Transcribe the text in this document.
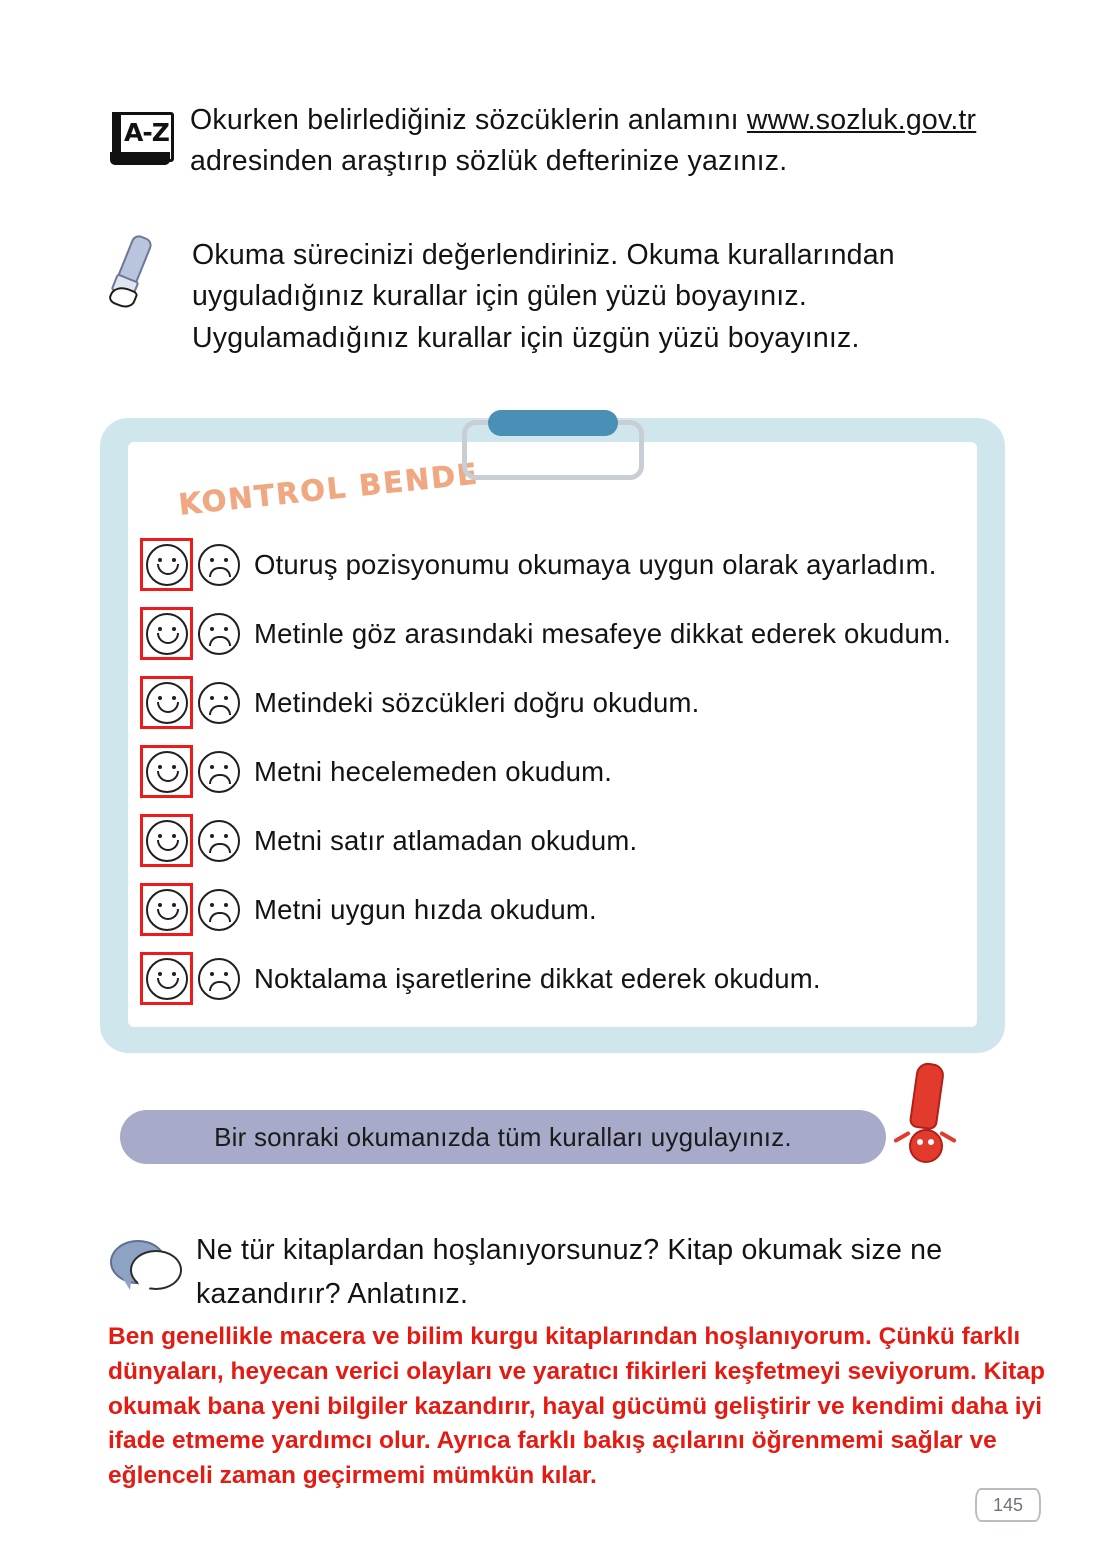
A-Z Okurken belirlediğiniz sözcüklerin anlamını www.sozluk.gov.tr adresinden araştırıp sözlük defterinize yazınız.
Okuma sürecinizi değerlendiriniz. Okuma kurallarından uyguladığınız kurallar için gülen yüzü boyayınız. Uygulamadığınız kurallar için üzgün yüzü boyayınız.
KONTROL BENDE
Oturuş pozisyonumu okumaya uygun olarak ayarladım.
Metinle göz arasındaki mesafeye dikkat ederek okudum.
Metindeki sözcükleri doğru okudum.
Metni hecelemeden okudum.
Metni satır atlamadan okudum.
Metni uygun hızda okudum.
Noktalama işaretlerine dikkat ederek okudum.
Bir sonraki okumanızda tüm kuralları uygulayınız.
Ne tür kitaplardan hoşlanıyorsunuz? Kitap okumak size ne kazandırır? Anlatınız.
Ben genellikle macera ve bilim kurgu kitaplarından hoşlanıyorum. Çünkü farklı dünyaları, heyecan verici olayları ve yaratıcı fikirleri keşfetmeyi seviyorum. Kitap okumak bana yeni bilgiler kazandırır, hayal gücümü geliştirir ve kendimi daha iyi ifade etmeme yardımcı olur. Ayrıca farklı bakış açılarını öğrenmemi sağlar ve eğlenceli zaman geçirmemi mümkün kılar.
145
